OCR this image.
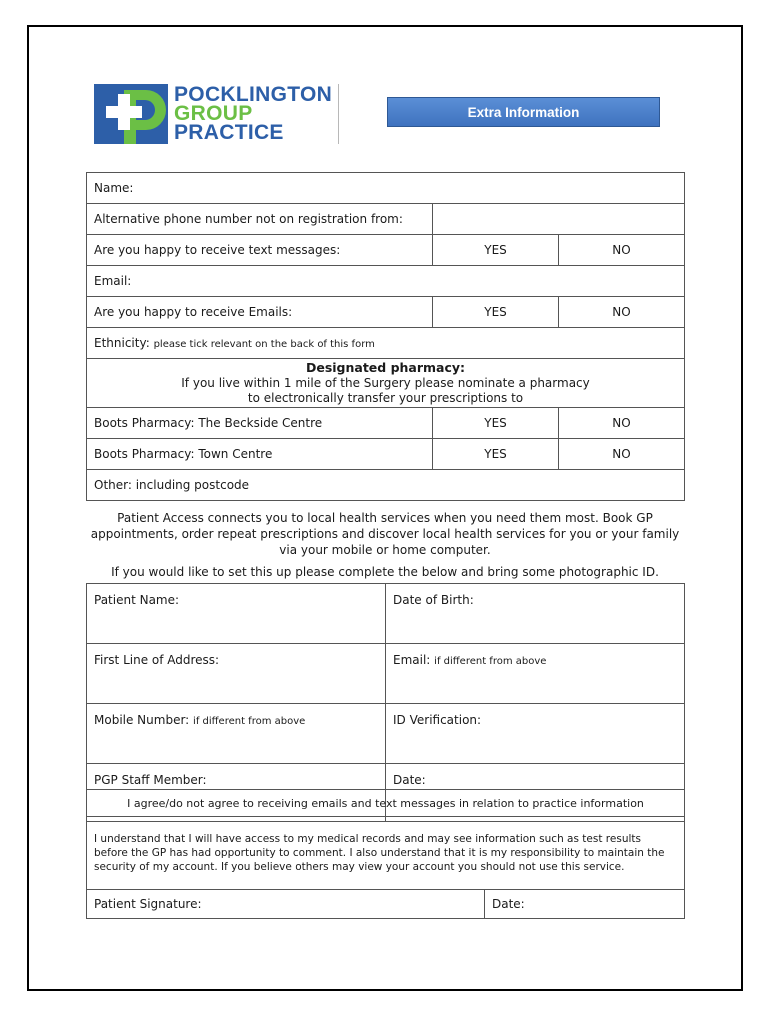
POCKLINGTON
GROUP
PRACTICE
Extra Information
Name:		
Alternative phone number not on registration from:		
Are you happy to receive text messages:	YES	NO
Email:		
Are you happy to receive Emails:	YES	NO
Ethnicity: please tick relevant on the back of this form		
Designated pharmacy:
If you live within 1 mile of the Surgery please nominate a pharmacy
to electronically transfer your prescriptions to		
Boots Pharmacy: The Beckside Centre	YES	NO
Boots Pharmacy: Town Centre	YES	NO
Other: including postcode		
Patient Access connects you to local health services when you need them most. Book GP appointments, order repeat prescriptions and discover local health services for you or your family via your mobile or home computer.
If you would like to set this up please complete the below and bring some photographic ID.
Patient Name:	Date of Birth:
First Line of Address:	Email: if different from above
Mobile Number: if different from above	ID Verification:
PGP Staff Member:	Date:
I agree/do not agree to receiving emails and text messages in relation to practice information
I understand that I will have access to my medical records and may see information such as test results before the GP has had opportunity to comment. I also understand that it is my responsibility to maintain the security of my account. If you believe others may view your account you should not use this service.
Patient Signature:	Date:
